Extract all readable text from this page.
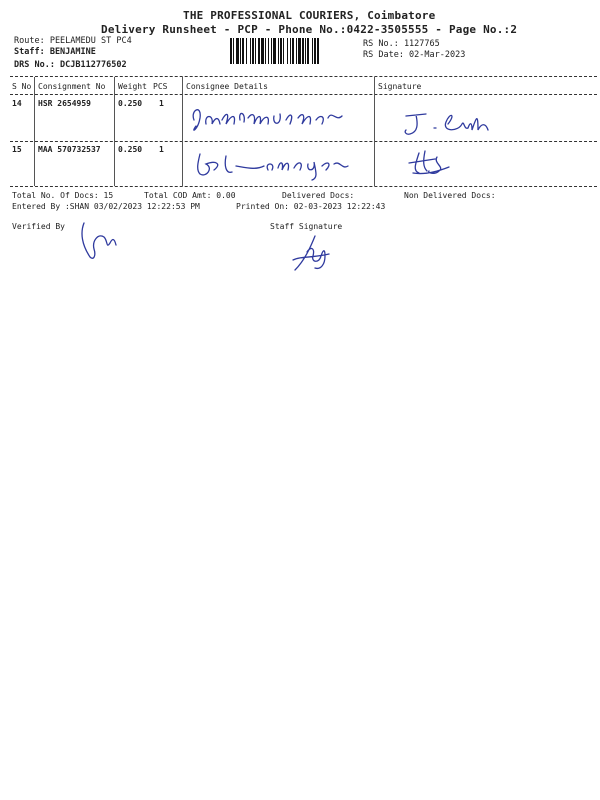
THE PROFESSIONAL COURIERS, Coimbatore
Delivery Runsheet - PCP - Phone No.:0422-3505555 - Page No.:2
Route: PEELAMEDU ST PC4
Staff: BENJAMINE
DRS No.: DCJB112776502
RS No.: 1127765
RS Date: 02-Mar-2023
S No Consignment No Weight PCS Consignee Details	Signature
14 HSR 2654959	0.250 1
15 MAA 570732537 0.250 1
Total No. Of Docs: 15	Total COD Amt: 0.00	Delivered Docs:	Non Delivered Docs:
Entered By :SHAN 03/02/2023 12:22:53 PM	Printed On: 02-03-2023 12:22:43
Verified By	Staff Signature
